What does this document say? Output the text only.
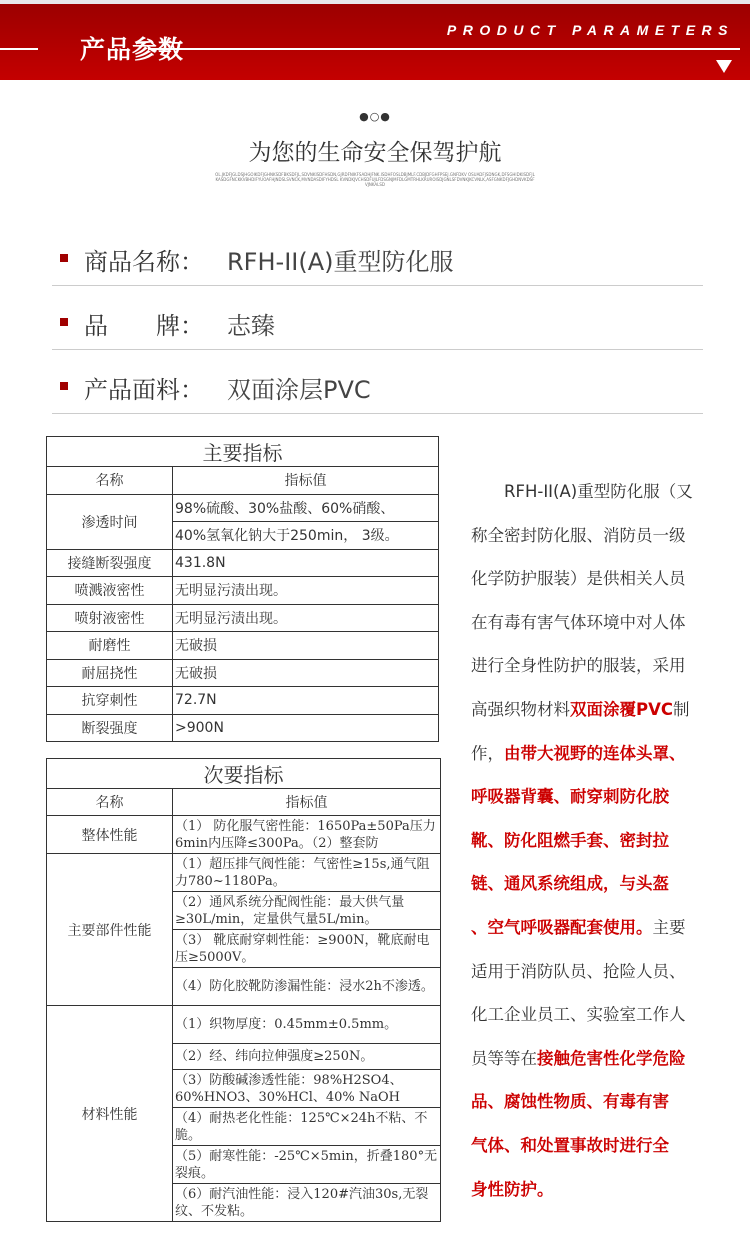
产品参数
PRODUCT PARAMETERS
●○●
为您的生命安全保驾护航
OL.JKDFJGLDSJHGOIKDFJGHNKSDFBKSDFJL,SDVNKISDFHSDN,GJRDFNIKFSADHJFNK.ISDHFOSLDBJMLF.CDBJDFGHFPSEJ.GNFDKV OSUADFJSDNGK,DFSGHIDKISDFJLKASDGFNCKKVBHDIFYUOAFHJNDSLSVNCK,MVNDASDIFYHDSL KVNDKJVCHSDFUJLFDSGNJMFDLGMTRHLKRUROISDJGNLSFDVNKJKCVNLK,ASFGNKDFJGHDNVKDSFVJNKALSD
商品名称： RFH-II(A)重型防化服
品　　牌： 志臻
产品面料： 双面涂层PVC
主要指标	
名称	指标值
渗透时间	98%硫酸、30%盐酸、60%硝酸、
	40%氢氧化钠大于250min， 3级。
接缝断裂强度	431.8N
喷溅液密性	无明显污渍出现。
喷射液密性	无明显污渍出现。
耐磨性	无破损
耐屈挠性	无破损
抗穿刺性	72.7N
断裂强度	>900N
次要指标	
名称	指标值
整体性能	（1） 防化服气密性能：1650Pa±50Pa压力6min内压降≤300Pa。（2）整套防
主要部件性能	（1）超压排气阀性能：气密性≥15s,通气阻力780~1180Pa。
	（2）通风系统分配阀性能：最大供气量≥30L/min，定量供气量5L/min。
	（3） 靴底耐穿刺性能：≥900N，靴底耐电压≥5000V。
	（4）防化胶靴防渗漏性能：浸水2h不渗透。
材料性能	（1）织物厚度：0.45mm±0.5mm。
	（2）经、纬向拉伸强度≥250N。
	（3）防酸碱渗透性能：98%H2SO4、60%HNO3、30%HCl、40% NaOH
	（4）耐热老化性能：125℃×24h不粘、不脆。
	（5）耐寒性能：-25℃×5min，折叠180°无裂痕。
	（6）耐汽油性能：浸入120#汽油30s,无裂纹、不发粘。
　　RFH-II(A)重型防化服（又
称全密封防化服、消防员一级
化学防护服装）是供相关人员
在有毒有害气体环境中对人体
进行全身性防护的服装，采用
高强织物材料双面涂覆PVC制
作，由带大视野的连体头罩、
呼吸器背囊、耐穿刺防化胶
靴、防化阻燃手套、密封拉
链、通风系统组成，与头盔
、空气呼吸器配套使用。主要
适用于消防队员、抢险人员、
化工企业员工、实验室工作人
员等等在接触危害性化学危险
品、腐蚀性物质、有毒有害
气体、和处置事故时进行全
身性防护。
